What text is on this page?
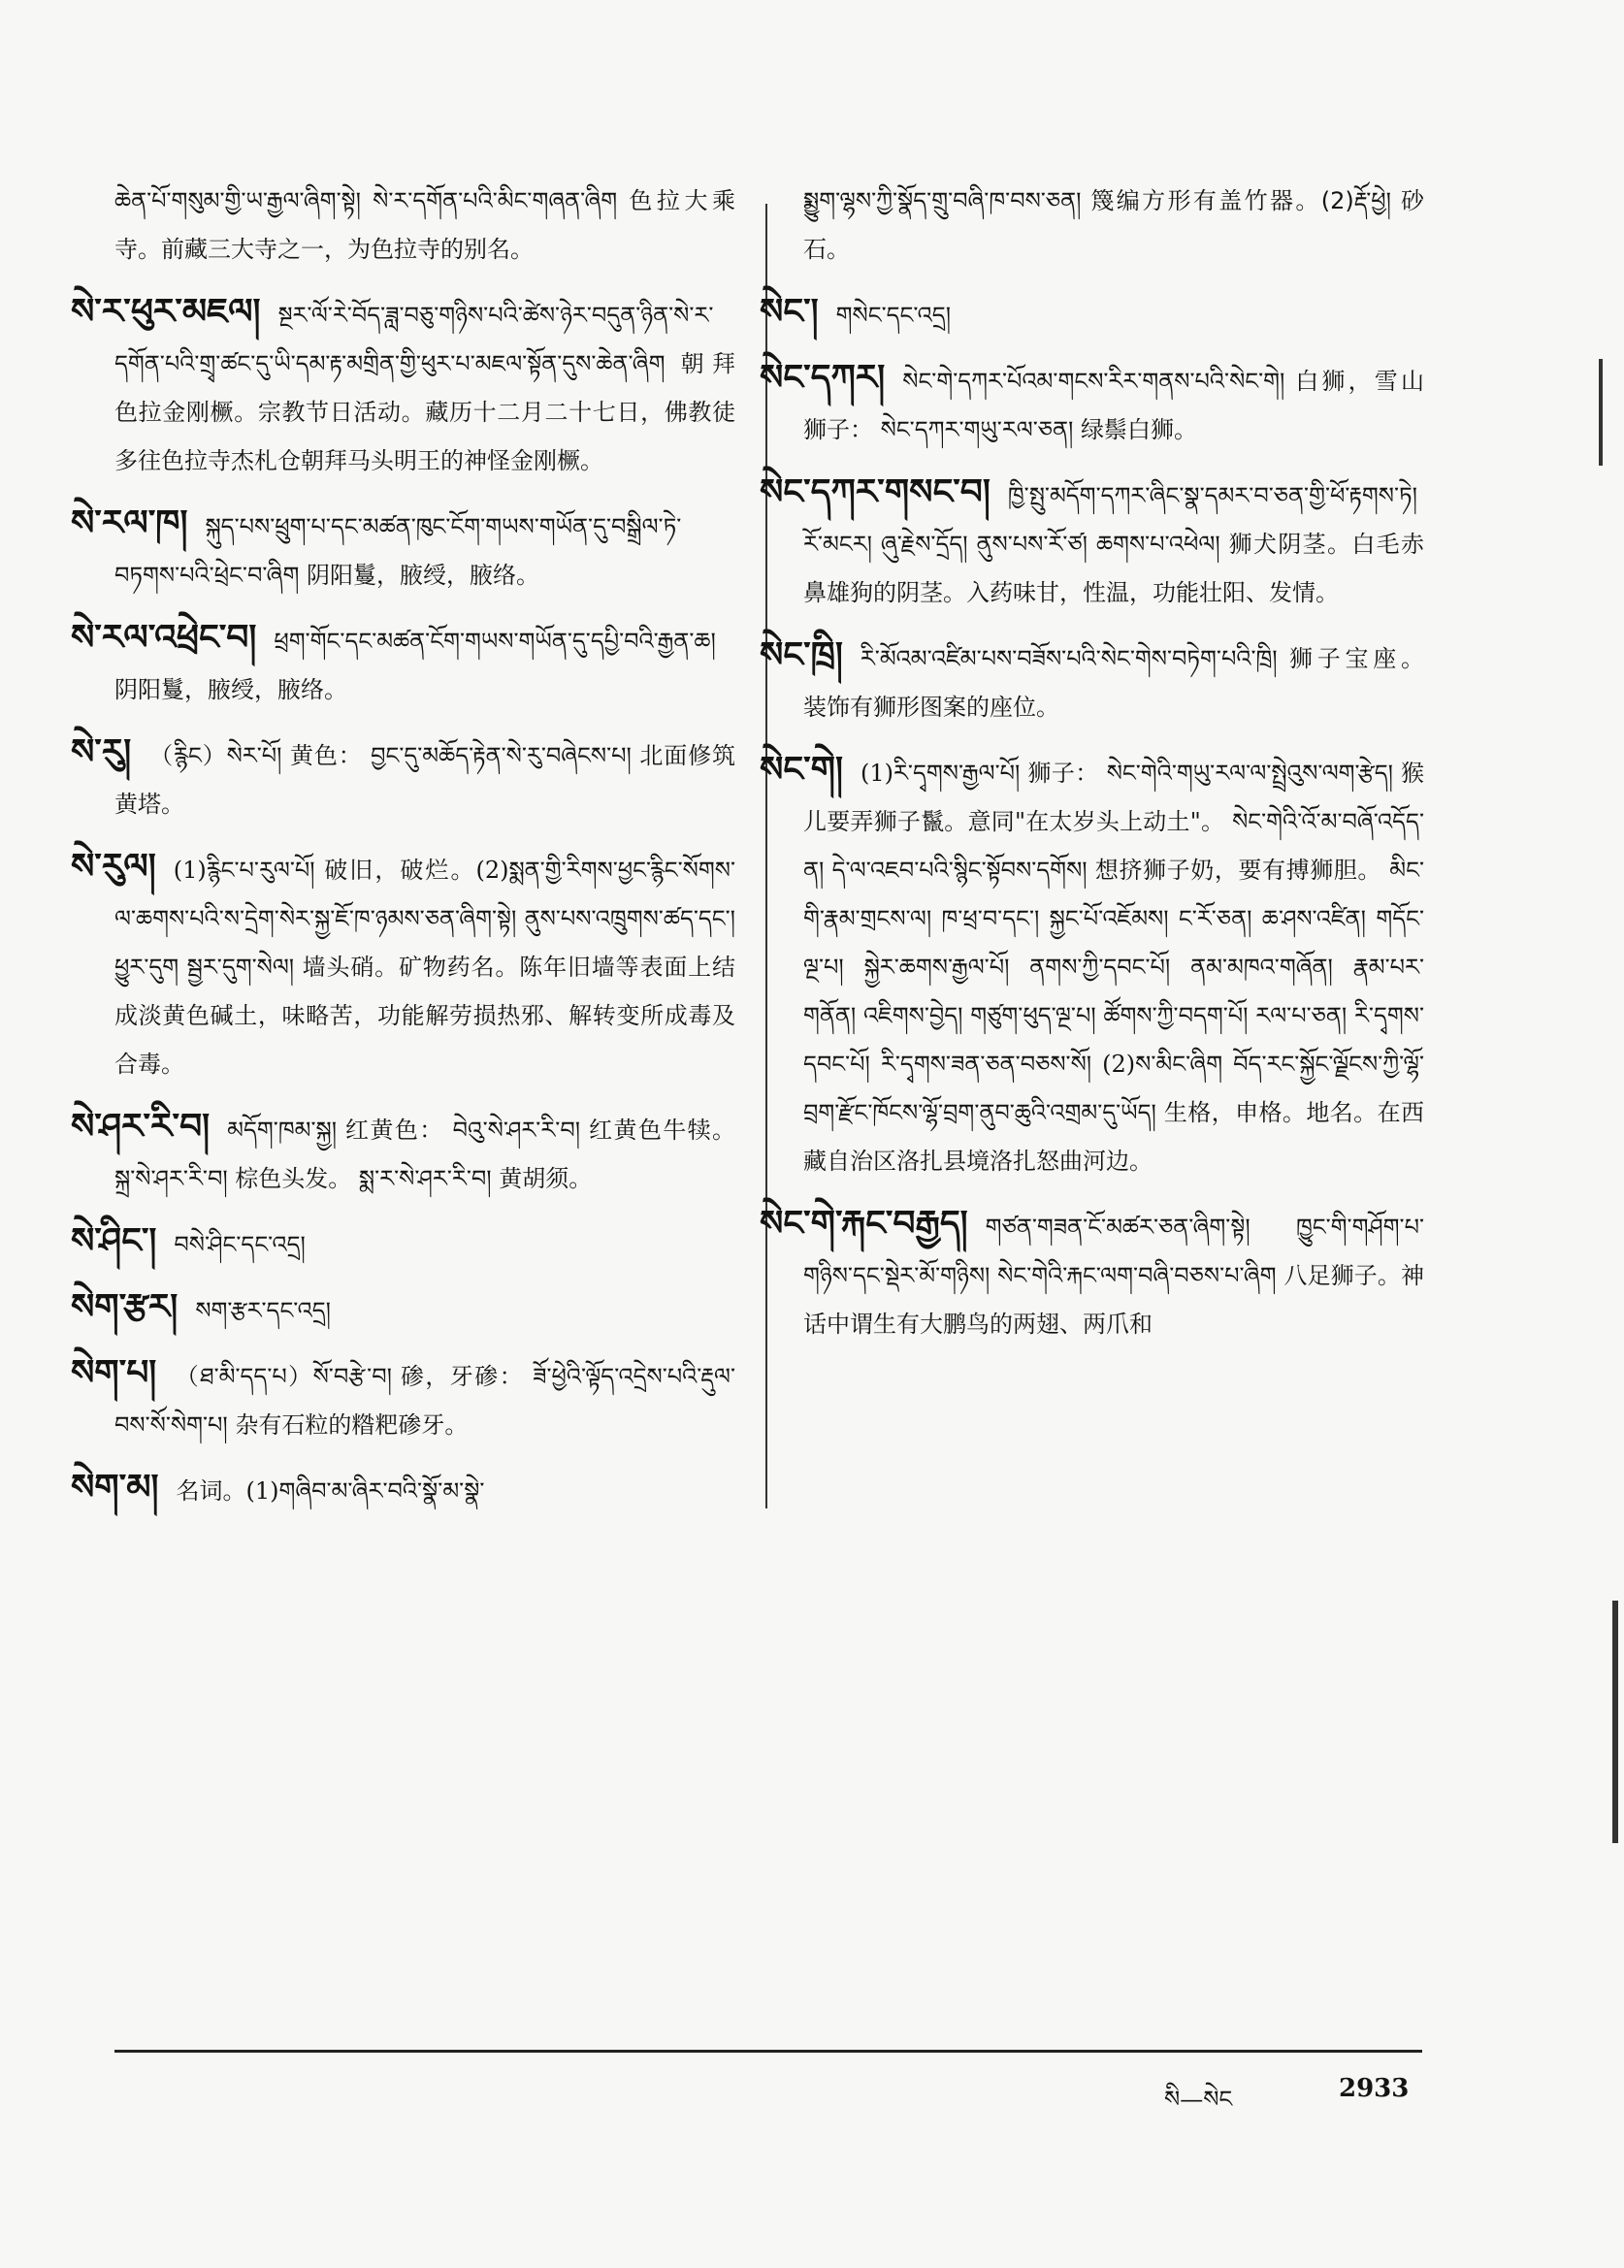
ཆེན་པོ་གསུམ་གྱི་ཡ་རྒྱལ་ཞིག་སྟེ། སེ་ར་དགོན་པའི་མིང་གཞན་ཞིག 色拉大乘寺。前藏三大寺之一，为色拉寺的别名。

སེ་ར་ཕུར་མཇལ། སྔར་ལོ་རེ་བོད་ཟླ་བཅུ་གཉིས་པའི་ཚེས་ཉེར་བདུན་ཉིན་སེ་ར་དགོན་པའི་གྲྭ་ཚང་དུ་ཡི་དམ་རྟ་མགྲིན་གྱི་ཕུར་པ་མཇལ་སྟོན་དུས་ཆེན་ཞིག 朝拜色拉金刚橛。宗教节日活动。藏历十二月二十七日，佛教徒多往色拉寺杰札仓朝拜马头明王的神怪金刚橛。

སེ་རལ་ཁ། སྐུད་པས་ཕྲུག་པ་དང་མཚན་ཁུང་ངོག་གཡས་གཡོན་དུ་བསྒྲིལ་ཏེ་བཏགས་པའི་ཕྲེང་བ་ཞིག 阴阳鬘，腋绶，腋络。

སེ་རལ་འཕྲེང་བ། ཕྲག་གོང་དང་མཚན་ངོག་གཡས་གཡོན་དུ་དཔྱི་བའི་རྒྱན་ཆ། 阴阳鬘，腋绶，腋络。

སེ་རུ། （རྙིང）སེར་པོ། 黄色： བྱང་དུ་མཆོད་རྟེན་སེ་རུ་བཞེངས་པ། 北面修筑黄塔。

སེ་རུལ། (1)རྙིང་པ་རུལ་པོ། 破旧，破烂。(2)སྨན་གྱི་རིགས་ཕྱང་རྙིང་སོགས་ལ་ཆགས་པའི་ས་དྲེག་སེར་སྐྱ་ཇོ་ཁ་ཉམས་ཅན་ཞིག་སྟེ། ནུས་པས་འཁྲུགས་ཚད་དང་། ཕྱུར་དུག སྦྱར་དུག་སེལ། 墙头硝。矿物药名。陈年旧墙等表面上结成淡黄色碱土，味略苦，功能解劳损热邪、解转变所成毒及合毒。

སེ་ཤར་རི་བ། མདོག་ཁམ་སྐྱ། 红黄色： བེའུ་སེ་ཤར་རི་བ། 红黄色牛犊。 སྐྲ་སེ་ཤར་རི་བ། 棕色头发。 སྨ་ར་སེ་ཤར་རི་བ། 黄胡须。

སེ་ཤིང་། བསེ་ཤིང་དང་འདྲ།

སེག་རྩར། སག་རྩར་དང་འདྲ།

སེག་པ། （ཐ་མི་དད་པ）སོ་བརྩེ་བ། 碜，牙碜： ཟོ་ཕྱེའི་ལྟོད་འདྲེས་པའི་རྡུལ་བས་སོ་སེག་པ། 杂有石粒的糌粑碜牙。

སེག་མ། 名词。(1)གཞིབ་མ་ཞིར་བའི་སྣོ་མ་སྣེ་

སྨྱུག་ལྷས་ཀྱི་སྣོད་གྲུ་བཞི་ཁ་བས་ཅན། 篾编方形有盖竹器。(2)རྡོ་ཕྱེ། 砂石。

སེང་། གསེང་དང་འདྲ།

སེང་དཀར། སེང་གེ་དཀར་པོའམ་གངས་རིར་གནས་པའི་སེང་གེ། 白狮，雪山狮子： སེང་དཀར་གཡུ་རལ་ཅན། 绿鬃白狮。

སེང་དཀར་གསང་བ། ཁྱི་སྤུ་མདོག་དཀར་ཞིང་སྣ་དམར་བ་ཅན་གྱི་ཕོ་རྟགས་ཏེ། རོ་མངར། ཞུ་རྗེས་དྲོད། ནུས་པས་རོ་ཙ། ཆགས་པ་འཕེལ། 狮犬阴茎。白毛赤鼻雄狗的阴茎。入药味甘，性温，功能壮阳、发情。

སེང་ཁྲི། རི་མོའམ་འཛིམ་པས་བཟོས་པའི་སེང་གེས་བཏེག་པའི་ཁྲི། 狮子宝座。 装饰有狮形图案的座位。

སེང་གེ། (1)རི་དྭགས་རྒྱལ་པོ། 狮子： སེང་གེའི་གཡུ་རལ་ལ་སྤྲེའུས་ལག་རྩེད། 猴儿要弄狮子鬣。意同"在太岁头上动土"。 སེང་གེའི་འོ་མ་བཞོ་འདོད་ན། དེ་ལ་འཇབ་པའི་སྙིང་སྟོབས་དགོས། 想挤狮子奶，要有搏狮胆。 མིང་གི་རྣམ་གྲངས་ལ། ཁ་ཕྲ་བ་དང་། སྐྱང་པོ་འཇོམས། ང་རོ་ཅན། ཆ་ཤས་འཛིན། གདོང་ལྔ་པ། སྐྱེར་ཆགས་རྒྱལ་པོ། ནགས་ཀྱི་དབང་པོ། ནམ་མཁའ་གཞོན། རྣམ་པར་གནོན། འཇིགས་བྱེད། གཙུག་ཕུད་ལྔ་པ། ཚོགས་ཀྱི་བདག་པོ། རལ་པ་ཅན། རི་དྭགས་དབང་པོ། རི་དྭགས་ཟན་ཅན་བཅས་སོ། (2)ས་མིང་ཞིག བོད་རང་སྐྱོང་ལྗོངས་ཀྱི་ལྷོ་བྲག་རྫོང་ཁོངས་ལྷོ་བྲག་ནུབ་ཆུའི་འགྲམ་དུ་ཡོད། 生格，申格。地名。在西藏自治区洛扎县境洛扎怒曲河边。

སེང་གེ་རྐང་བརྒྱད། གཙན་གཟན་ངོ་མཚར་ཅན་ཞིག་སྟེ། ཁྱུང་གི་གཤོག་པ་གཉིས་དང་སྡེར་མོ་གཉིས། སེང་གེའི་རྐང་ལག་བཞི་བཅས་པ་ཞིག 八足狮子。神话中谓生有大鹏鸟的两翅、两爪和

སི—སེང	2933
